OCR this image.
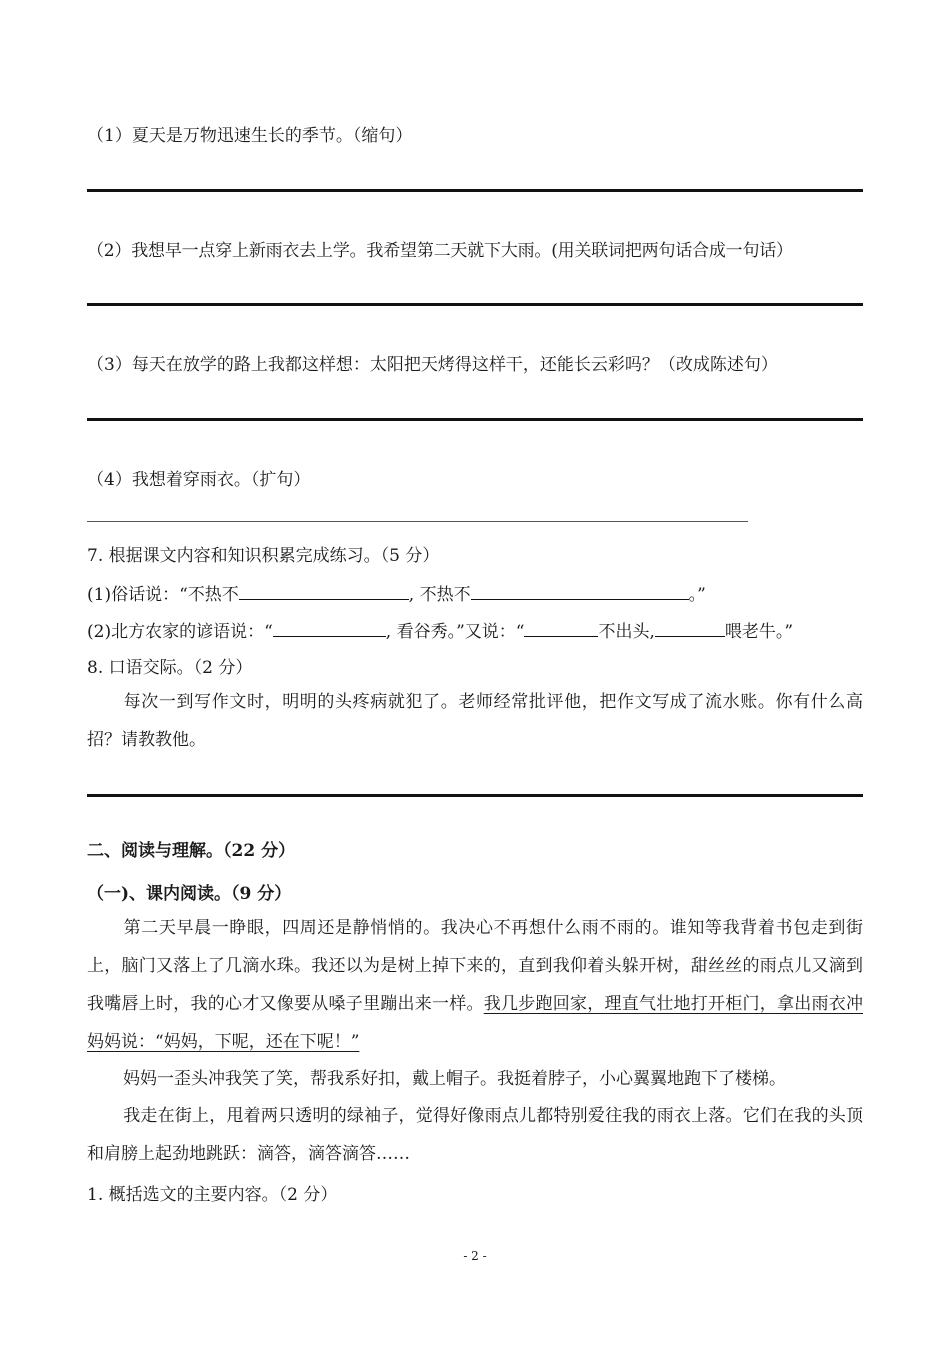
（1）夏天是万物迅速生长的季节。（缩句）
（2）我想早一点穿上新雨衣去上学。我希望第二天就下大雨。(用关联词把两句话合成一句话）
（3）每天在放学的路上我都这样想：太阳把天烤得这样干，还能长云彩吗？（改成陈述句）
（4）我想着穿雨衣。（扩句）
7. 根据课文内容和知识积累完成练习。（5 分）
(1)俗话说：“不热不	, 不热不	。”
(2)北方农家的谚语说：“	, 看谷秀。”又说：“	不出头,	喂老牛。”
8. 口语交际。（2 分）
每次一到写作文时，明明的头疼病就犯了。老师经常批评他，把作文写成了流水账。你有什么高招？请教教他。
二、阅读与理解。（22 分）
（一)、课内阅读。（9 分）
第二天早晨一睁眼，四周还是静悄悄的。我决心不再想什么雨不雨的。谁知等我背着书包走到街上，脑门又落上了几滴水珠。我还以为是树上掉下来的，直到我仰着头躲开树，甜丝丝的雨点儿又滴到我嘴唇上时，我的心才又像要从嗓子里蹦出来一样。我几步跑回家，理直气壮地打开柜门，拿出雨衣冲妈妈说：“妈妈，下呢，还在下呢！”
妈妈一歪头冲我笑了笑，帮我系好扣，戴上帽子。我挺着脖子，小心翼翼地跑下了楼梯。
我走在街上，甩着两只透明的绿袖子，觉得好像雨点儿都特别爱往我的雨衣上落。它们在我的头顶和肩膀上起劲地跳跃：滴答，滴答滴答……
1. 概括选文的主要内容。（2 分）
- 2 -
